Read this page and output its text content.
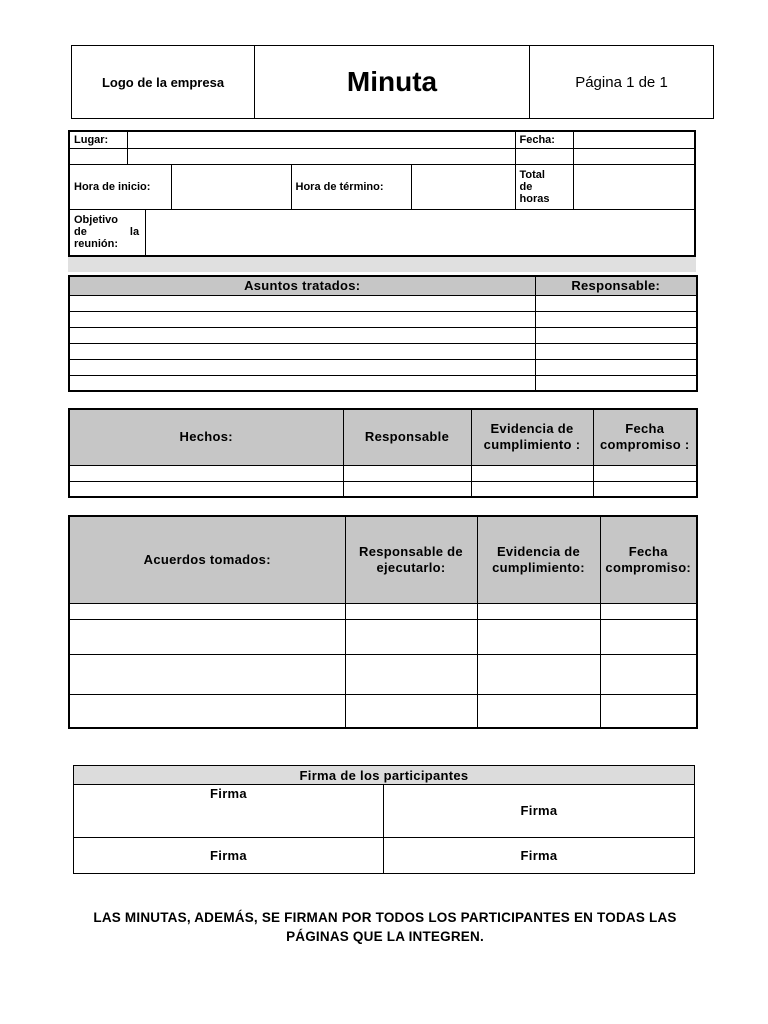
Logo de la empresa	Minuta	Página 1 de 1
Lugar:						Fecha:	

Hora de inicio:				Hora de término:		Total de horas	
Objetivo de la reunión:							
Asuntos tratados:	Responsable:

Hechos:	Responsable	Evidencia de cumplimiento :	Fecha compromiso :

Acuerdos tomados:	Responsable de ejecutarlo:	Evidencia de cumplimiento:	Fecha compromiso:

Firma de los participantes	
Firma	Firma
Firma	Firma
LAS MINUTAS, ADEMÁS, SE FIRMAN POR TODOS LOS PARTICIPANTES EN TODAS LAS PÁGINAS QUE LA INTEGREN.
